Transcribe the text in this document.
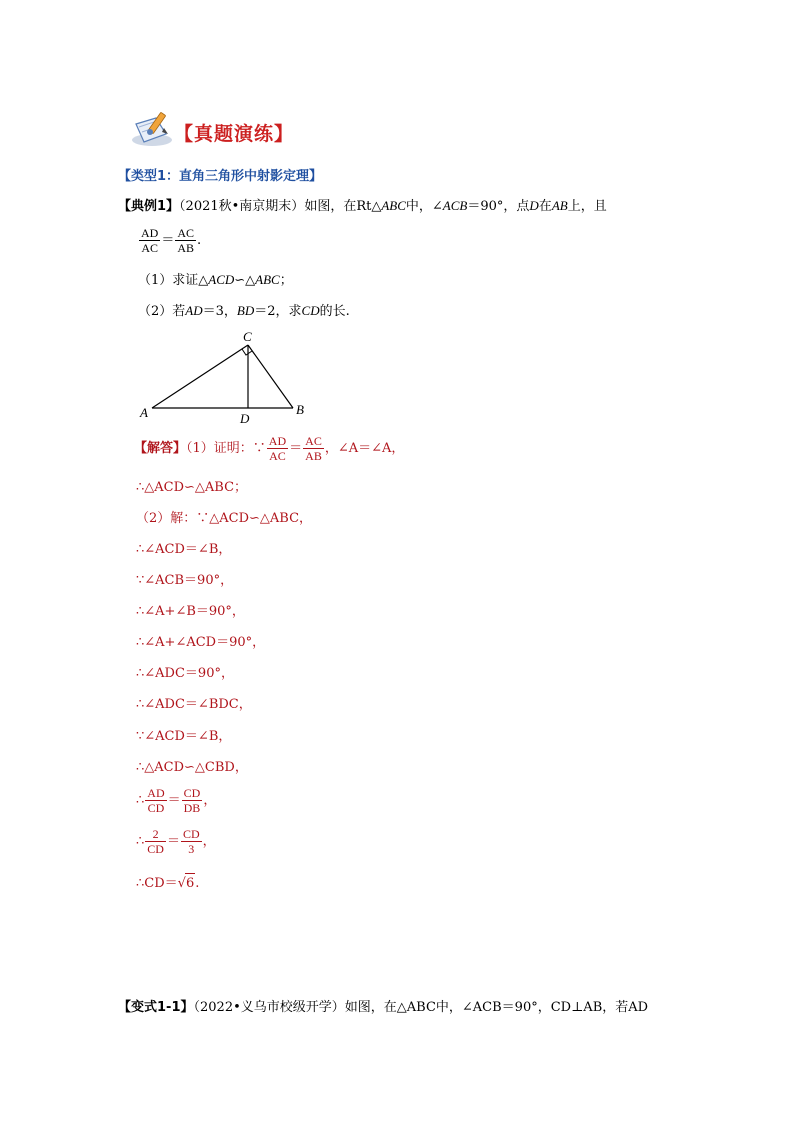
【真题演练】
【类型1：直角三角形中射影定理】
【典例1】（2021秋•南京期末）如图，在Rt△ABC中，∠ACB＝90°，点D在AB上，且
$\frac{AD}{AC} = \frac{AC}{AB}$ .
（1）求证△ACD∽△ABC；
（2）若AD＝3，BD＝2，求CD的长.
A	B
C
D
【解答】（1）证明：∵ $\frac{AD}{AC} = \frac{AC}{AB}$ ，∠A＝∠A，
∴△ACD∽△ABC；
（2）解：∵△ACD∽△ABC，
∴∠ACD＝∠B，
∵∠ACB＝90°，
∴∠A+∠B＝90°，
∴∠A+∠ACD＝90°，
∴∠ADC＝90°，
∴∠ADC＝∠BDC，
∵∠ACD＝∠B，
∴△ACD∽△CBD，
∴ $\frac{AD}{CD} = \frac{CD}{DB}$ ，
∴ $\frac{2}{CD} = \frac{CD}{3}$ ，
∴CD＝√6.
【变式1-1】（2022•义乌市校级开学）如图，在△ABC中，∠ACB＝90°，CD⊥AB，若AD
